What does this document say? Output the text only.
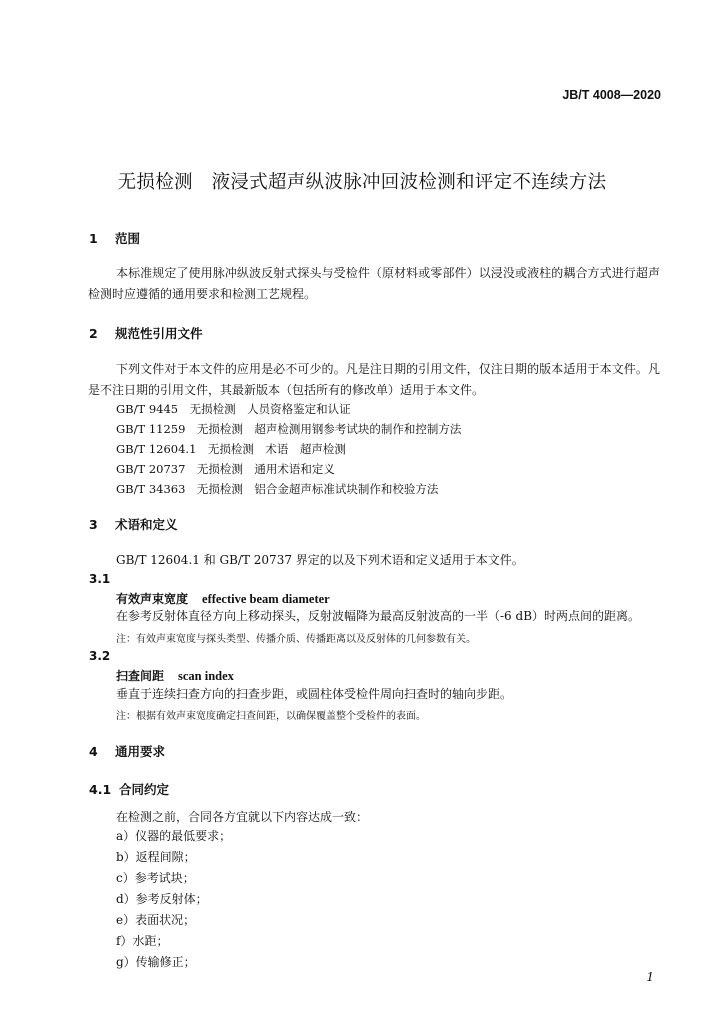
JB/T 4008—2020
无损检测　液浸式超声纵波脉冲回波检测和评定不连续方法
1 范围
本标准规定了使用脉冲纵波反射式探头与受检件（原材料或零部件）以浸没或液柱的耦合方式进行超声检测时应遵循的通用要求和检测工艺规程。
2 规范性引用文件
下列文件对于本文件的应用是必不可少的。凡是注日期的引用文件，仅注日期的版本适用于本文件。凡是不注日期的引用文件，其最新版本（包括所有的修改单）适用于本文件。
GB/T 9445　无损检测　人员资格鉴定和认证
GB/T 11259　无损检测　超声检测用钢参考试块的制作和控制方法
GB/T 12604.1　无损检测　术语　超声检测
GB/T 20737　无损检测　通用术语和定义
GB/T 34363　无损检测　铝合金超声标准试块制作和校验方法
3 术语和定义
GB/T 12604.1 和 GB/T 20737 界定的以及下列术语和定义适用于本文件。
3.1
有效声束宽度 effective beam diameter
在参考反射体直径方向上移动探头，反射波幅降为最高反射波高的一半（-6 dB）时两点间的距离。
注：有效声束宽度与探头类型、传播介质、传播距离以及反射体的几何参数有关。
3.2
扫查间距 scan index
垂直于连续扫查方向的扫查步距，或圆柱体受检件周向扫查时的轴向步距。
注：根据有效声束宽度确定扫查间距，以确保覆盖整个受检件的表面。
4 通用要求
4.1 合同约定
在检测之前，合同各方宜就以下内容达成一致：
a）仪器的最低要求；
b）返程间隙；
c）参考试块；
d）参考反射体；
e）表面状况；
f）水距；
g）传输修正；
1
